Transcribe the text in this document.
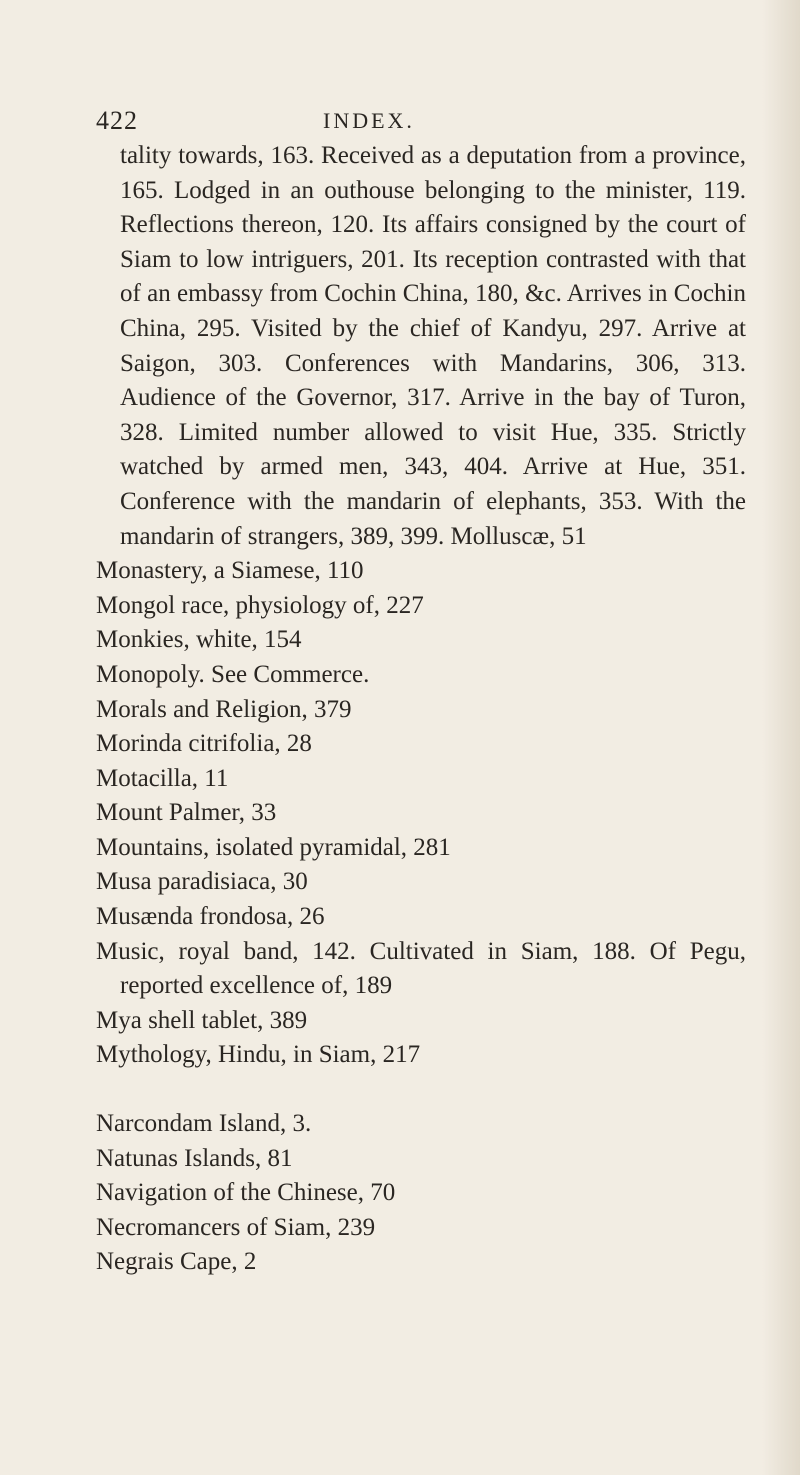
422	INDEX.
tality towards, 163. Received as a deputation from a province, 165. Lodged in an outhouse belonging to the minister, 119. Reflections thereon, 120. Its affairs consigned by the court of Siam to low intriguers, 201. Its reception contrasted with that of an embassy from Cochin China, 180, &c. Arrives in Cochin China, 295. Visited by the chief of Kandyu, 297. Arrive at Saigon, 303. Conferences with Mandarins, 306, 313. Audience of the Governor, 317. Arrive in the bay of Turon, 328. Limited number allowed to visit Hue, 335. Strictly watched by armed men, 343, 404. Arrive at Hue, 351. Conference with the mandarin of elephants, 353. With the mandarin of strangers, 389, 399. Molluscæ, 51
Monastery, a Siamese, 110
Mongol race, physiology of, 227
Monkies, white, 154
Monopoly. See Commerce.
Morals and Religion, 379
Morinda citrifolia, 28
Motacilla, 11
Mount Palmer, 33
Mountains, isolated pyramidal, 281
Musa paradisiaca, 30
Musænda frondosa, 26
Music, royal band, 142. Cultivated in Siam, 188. Of Pegu, reported excellence of, 189
Mya shell tablet, 389
Mythology, Hindu, in Siam, 217
Narcondam Island, 3.
Natunas Islands, 81
Navigation of the Chinese, 70
Necromancers of Siam, 239
Negrais Cape, 2
